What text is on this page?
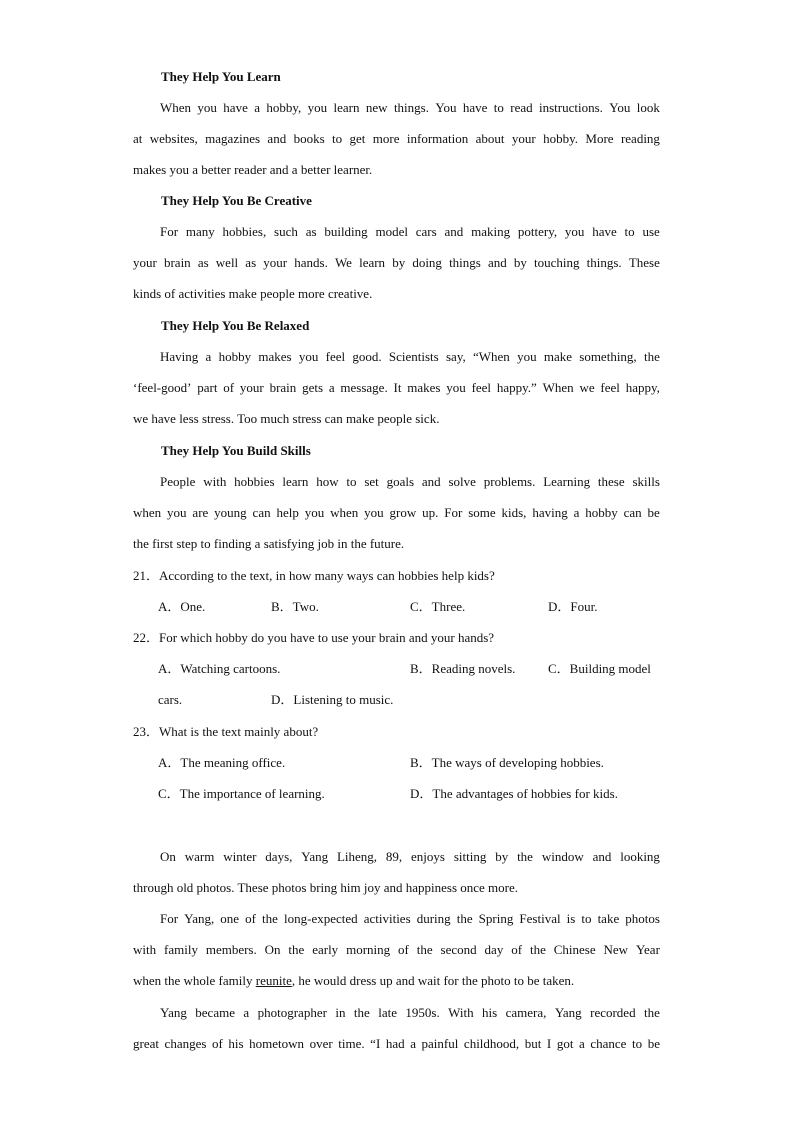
They Help You Learn
When you have a hobby, you learn new things. You have to read instructions. You look
at websites, magazines and books to get more information about your hobby. More reading
makes you a better reader and a better learner.
They Help You Be Creative
For many hobbies, such as building model cars and making pottery, you have to use
your brain as well as your hands. We learn by doing things and by touching things. These
kinds of activities make people more creative.
They Help You Be Relaxed
Having a hobby makes you feel good. Scientists say, “When you make something, the
‘feel-good’ part of your brain gets a message. It makes you feel happy.” When we feel happy,
we have less stress. Too much stress can make people sick.
They Help You Build Skills
People with hobbies learn how to set goals and solve problems. Learning these skills
when you are young can help you when you grow up. For some kids, having a hobby can be
the first step to finding a satisfying job in the future.
21．According to the text, in how many ways can hobbies help kids?
A．One.	B．Two.	C．Three.	D．Four.
22．For which hobby do you have to use your brain and your hands?
A．Watching cartoons.	B．Reading novels.	C．Building model
cars.	D．Listening to music.
23．What is the text mainly about?
A．The meaning office.	B．The ways of developing hobbies.
C．The importance of learning.	D．The advantages of hobbies for kids.
On warm winter days, Yang Liheng, 89, enjoys sitting by the window and looking
through old photos. These photos bring him joy and happiness once more.
For Yang, one of the long-expected activities during the Spring Festival is to take photos
with family members. On the early morning of the second day of the Chinese New Year
when the whole family reunite, he would dress up and wait for the photo to be taken.
Yang became a photographer in the late 1950s. With his camera, Yang recorded the
great changes of his hometown over time. “I had a painful childhood, but I got a chance to be
